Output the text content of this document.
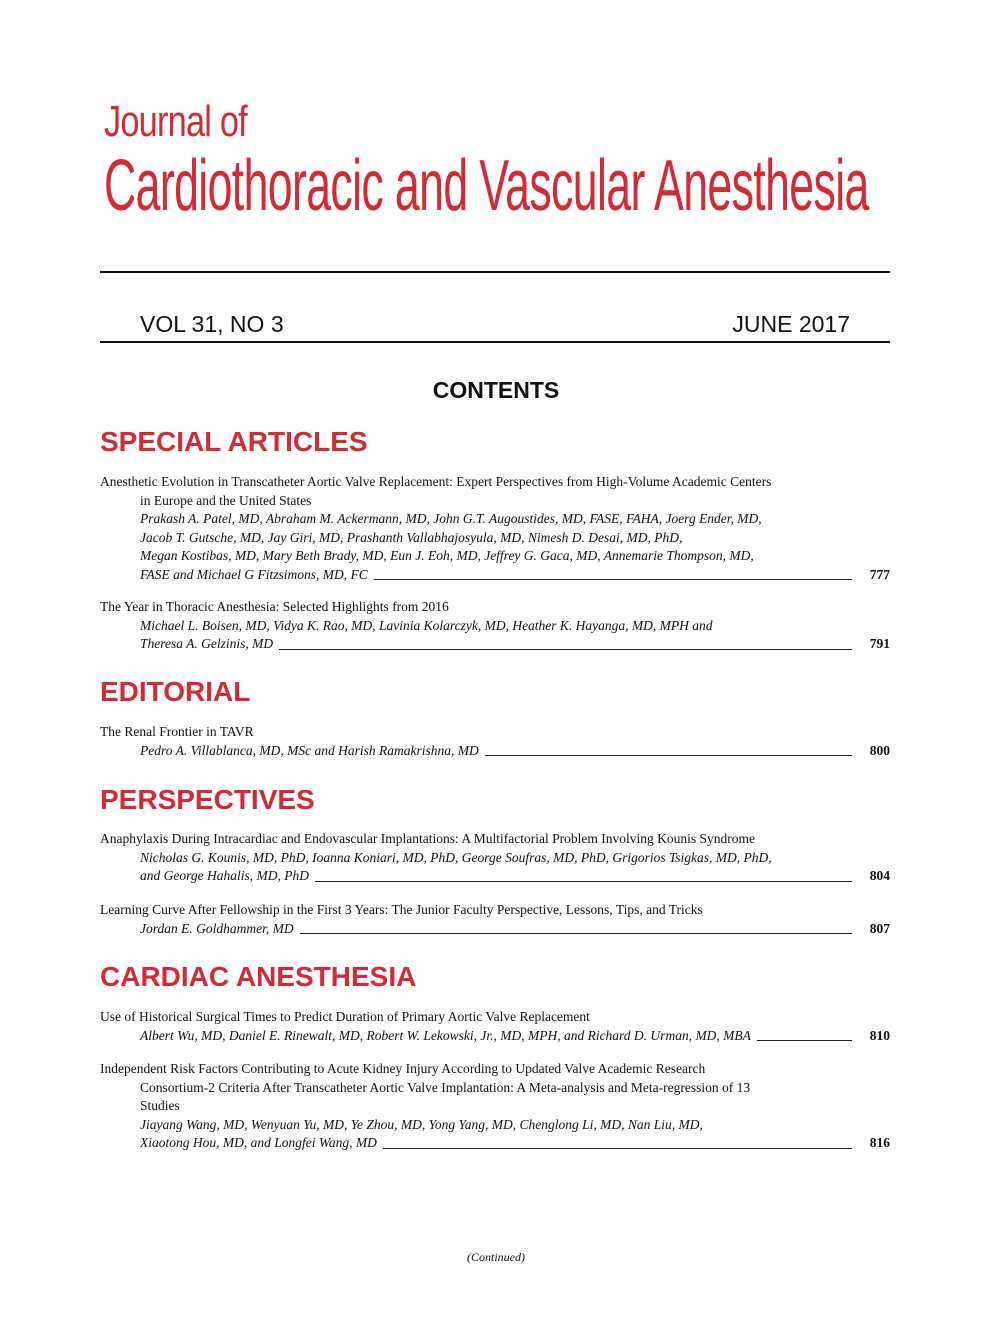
Journal of
Cardiothoracic and Vascular Anesthesia
VOL 31, NO 3	JUNE 2017
CONTENTS
SPECIAL ARTICLES

Anesthetic Evolution in Transcatheter Aortic Valve Replacement: Expert Perspectives from High-Volume Academic Centers

in Europe and the United States

Prakash A. Patel, MD, Abraham M. Ackermann, MD, John G.T. Augoustides, MD, FASE, FAHA, Joerg Ender, MD,

Jacob T. Gutsche, MD, Jay Giri, MD, Prashanth Vallabhajosyula, MD, Nimesh D. Desai, MD, PhD,

Megan Kostibas, MD, Mary Beth Brady, MD, Eun J. Eoh, MD, Jeffrey G. Gaca, MD, Annemarie Thompson, MD,

FASE and Michael G Fitzsimons, MD, FC	777

The Year in Thoracic Anesthesia: Selected Highlights from 2016

Michael L. Boisen, MD, Vidya K. Rao, MD, Lavinia Kolarczyk, MD, Heather K. Hayanga, MD, MPH and

Theresa A. Gelzinis, MD	791
EDITORIAL

The Renal Frontier in TAVR

Pedro A. Villablanca, MD, MSc and Harish Ramakrishna, MD	800
PERSPECTIVES

Anaphylaxis During Intracardiac and Endovascular Implantations: A Multifactorial Problem Involving Kounis Syndrome

Nicholas G. Kounis, MD, PhD, Ioanna Koniari, MD, PhD, George Soufras, MD, PhD, Grigorios Tsigkas, MD, PhD,

and George Hahalis, MD, PhD	804

Learning Curve After Fellowship in the First 3 Years: The Junior Faculty Perspective, Lessons, Tips, and Tricks

Jordan E. Goldhammer, MD	807
CARDIAC ANESTHESIA

Use of Historical Surgical Times to Predict Duration of Primary Aortic Valve Replacement

Albert Wu, MD, Daniel E. Rinewalt, MD, Robert W. Lekowski, Jr., MD, MPH, and Richard D. Urman, MD, MBA	810

Independent Risk Factors Contributing to Acute Kidney Injury According to Updated Valve Academic Research

Consortium-2 Criteria After Transcatheter Aortic Valve Implantation: A Meta-analysis and Meta-regression of 13

Studies

Jiayang Wang, MD, Wenyuan Yu, MD, Ye Zhou, MD, Yong Yang, MD, Chenglong Li, MD, Nan Liu, MD,

Xiaotong Hou, MD, and Longfei Wang, MD	816
(Continued)
